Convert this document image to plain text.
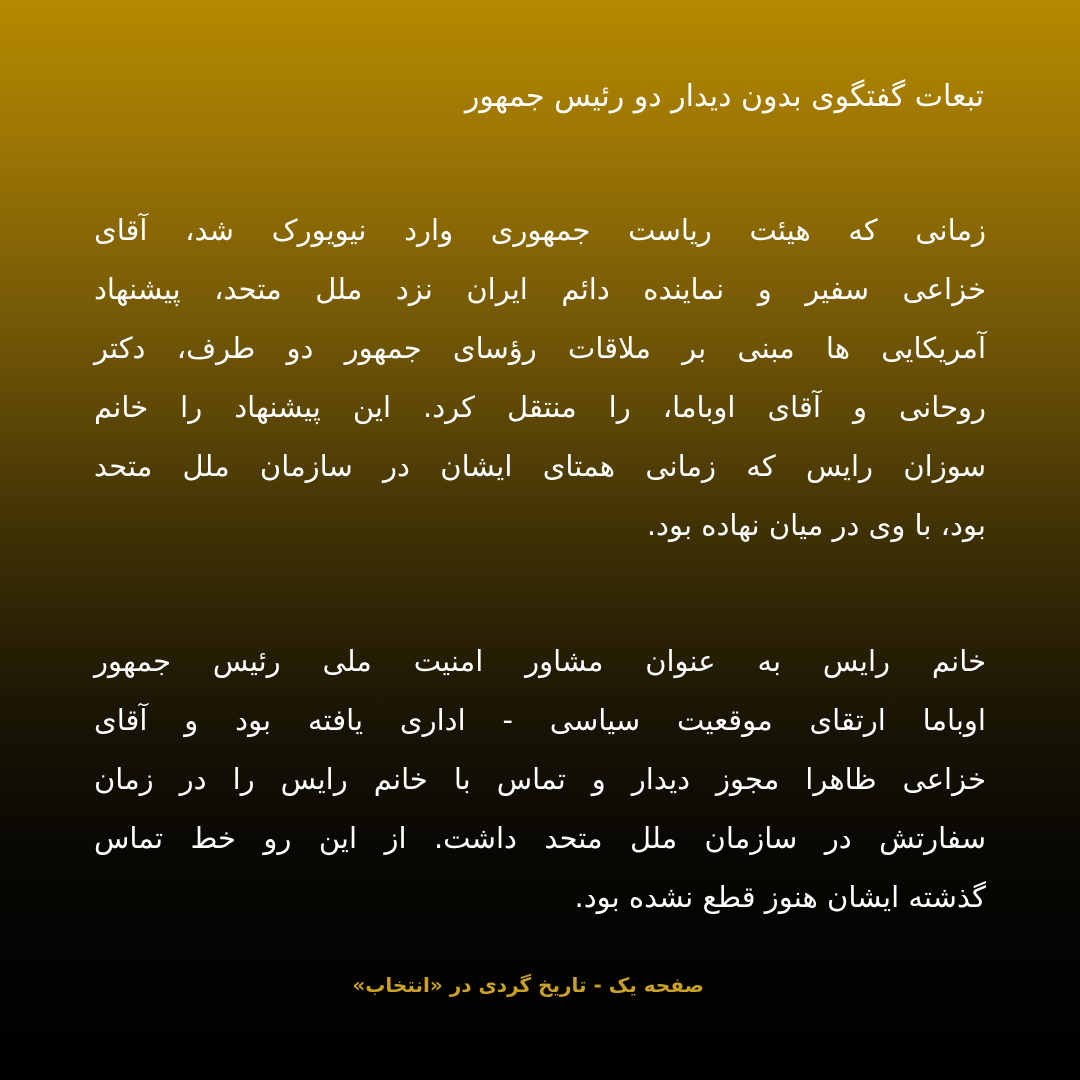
تبعات گفتگوی بدون دیدار دو رئیس جمهور
زمانی که هیئت ریاست جمهوری وارد نیویورک شد، آقای
خزاعی سفیر و نماینده دائم ایران نزد ملل متحد، پیشنهاد
آمریکایی ها مبنی بر ملاقات رؤسای جمهور دو طرف، دکتر
روحانی و آقای اوباما، را منتقل کرد. این پیشنهاد را خانم
سوزان رایس که زمانی همتای ایشان در سازمان ملل متحد
بود، با وی در میان نهاده بود.
خانم رایس به عنوان مشاور امنیت ملی رئیس جمهور
اوباما ارتقای موقعیت سیاسی - اداری یافته بود و آقای
خزاعی ظاهرا مجوز دیدار و تماس با خانم رایس را در زمان
سفارتش در سازمان ملل متحد داشت. از این رو خط تماس
گذشته ایشان هنوز قطع نشده بود.
صفحه یک - تاریخ گردی در «انتخاب»
